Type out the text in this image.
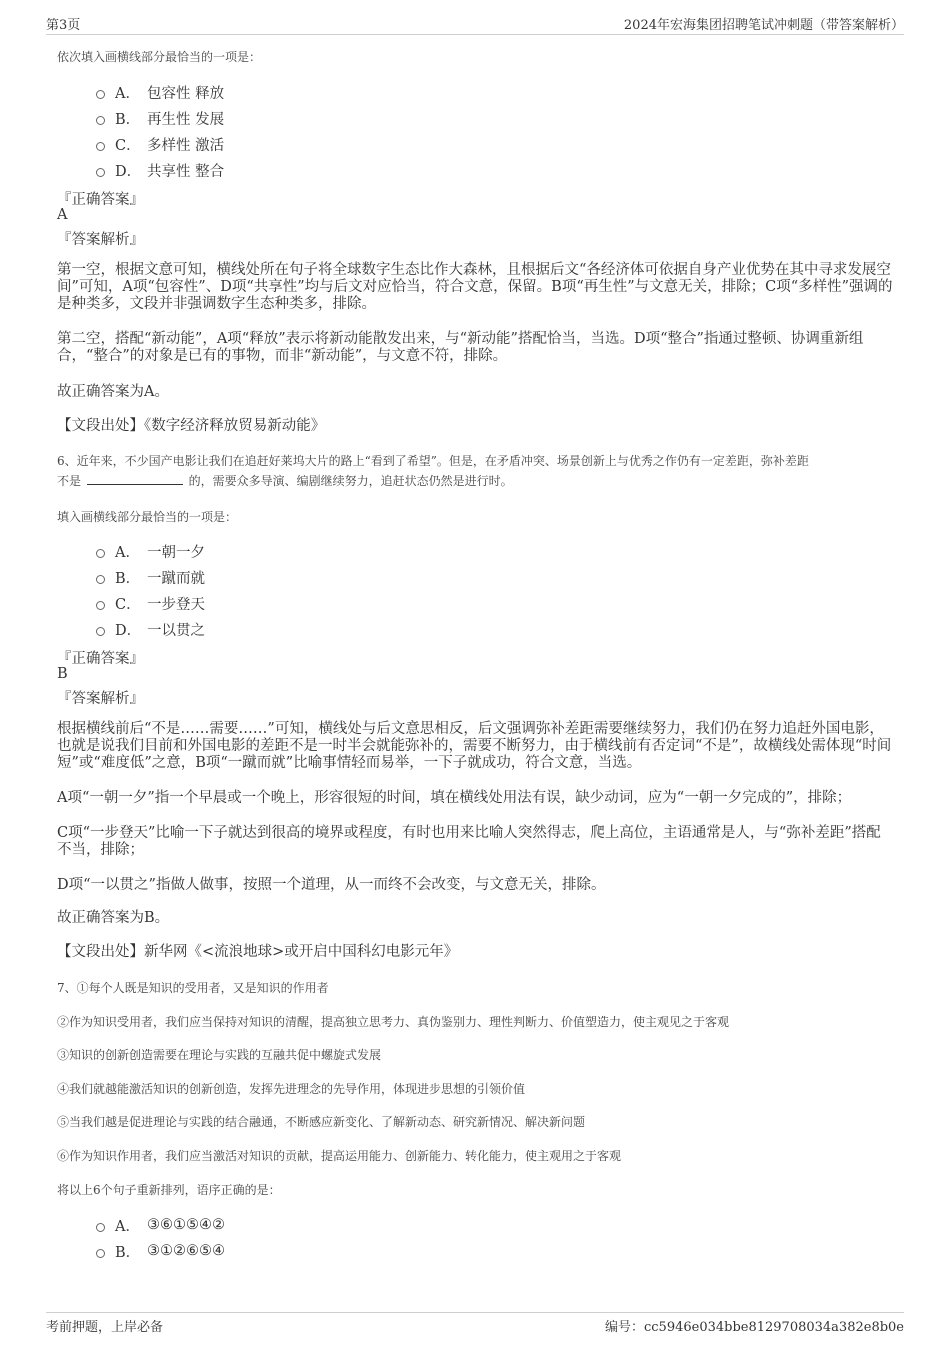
第3页	2024年宏海集团招聘笔试冲刺题（带答案解析）
依次填入画横线部分最恰当的一项是：
A． 包容性 释放
B． 再生性 发展
C． 多样性 激活
D． 共享性 整合
『正确答案』
A
『答案解析』
第一空，根据文意可知，横线处所在句子将全球数字生态比作大森林，且根据后文“各经济体可依据自身产业优势在其中寻求发展空间”可知，A项“包容性”、D项“共享性”均与后文对应恰当，符合文意，保留。B项“再生性”与文意无关，排除；C项“多样性”强调的是种类多，文段并非强调数字生态种类多，排除。
第二空，搭配“新动能”，A项“释放”表示将新动能散发出来，与“新动能”搭配恰当，当选。D项“整合”指通过整顿、协调重新组合，“整合”的对象是已有的事物，而非“新动能”，与文意不符，排除。
故正确答案为A。
【文段出处】《数字经济释放贸易新动能》
6、近年来，不少国产电影让我们在追赶好莱坞大片的路上“看到了希望”。但是，在矛盾冲突、场景创新上与优秀之作仍有一定差距，弥补差距
不是	的，需要众多导演、编剧继续努力，追赶状态仍然是进行时。
填入画横线部分最恰当的一项是：
A． 一朝一夕
B． 一蹴而就
C． 一步登天
D． 一以贯之
『正确答案』
B
『答案解析』
根据横线前后“不是……需要……”可知，横线处与后文意思相反，后文强调弥补差距需要继续努力，我们仍在努力追赶外国电影，也就是说我们目前和外国电影的差距不是一时半会就能弥补的，需要不断努力，由于横线前有否定词“不是”，故横线处需体现“时间短”或“难度低”之意，B项“一蹴而就”比喻事情轻而易举，一下子就成功，符合文意，当选。
A项“一朝一夕”指一个早晨或一个晚上，形容很短的时间，填在横线处用法有误，缺少动词，应为“一朝一夕完成的”，排除；
C项“一步登天”比喻一下子就达到很高的境界或程度，有时也用来比喻人突然得志，爬上高位，主语通常是人，与“弥补差距”搭配不当，排除；
D项“一以贯之”指做人做事，按照一个道理，从一而终不会改变，与文意无关，排除。
故正确答案为B。
【文段出处】新华网《<流浪地球>或开启中国科幻电影元年》
7、①每个人既是知识的受用者，又是知识的作用者
②作为知识受用者，我们应当保持对知识的清醒，提高独立思考力、真伪鉴别力、理性判断力、价值塑造力，使主观见之于客观
③知识的创新创造需要在理论与实践的互融共促中螺旋式发展
④我们就越能激活知识的创新创造，发挥先进理念的先导作用，体现进步思想的引领价值
⑤当我们越是促进理论与实践的结合融通，不断感应新变化、了解新动态、研究新情况、解决新问题
⑥作为知识作用者，我们应当激活对知识的贡献，提高运用能力、创新能力、转化能力，使主观用之于客观
将以上6个句子重新排列，语序正确的是：
A． ③⑥①⑤④②
B． ③①②⑥⑤④
考前押题，上岸必备	编号：cc5946e034bbe8129708034a382e8b0e
